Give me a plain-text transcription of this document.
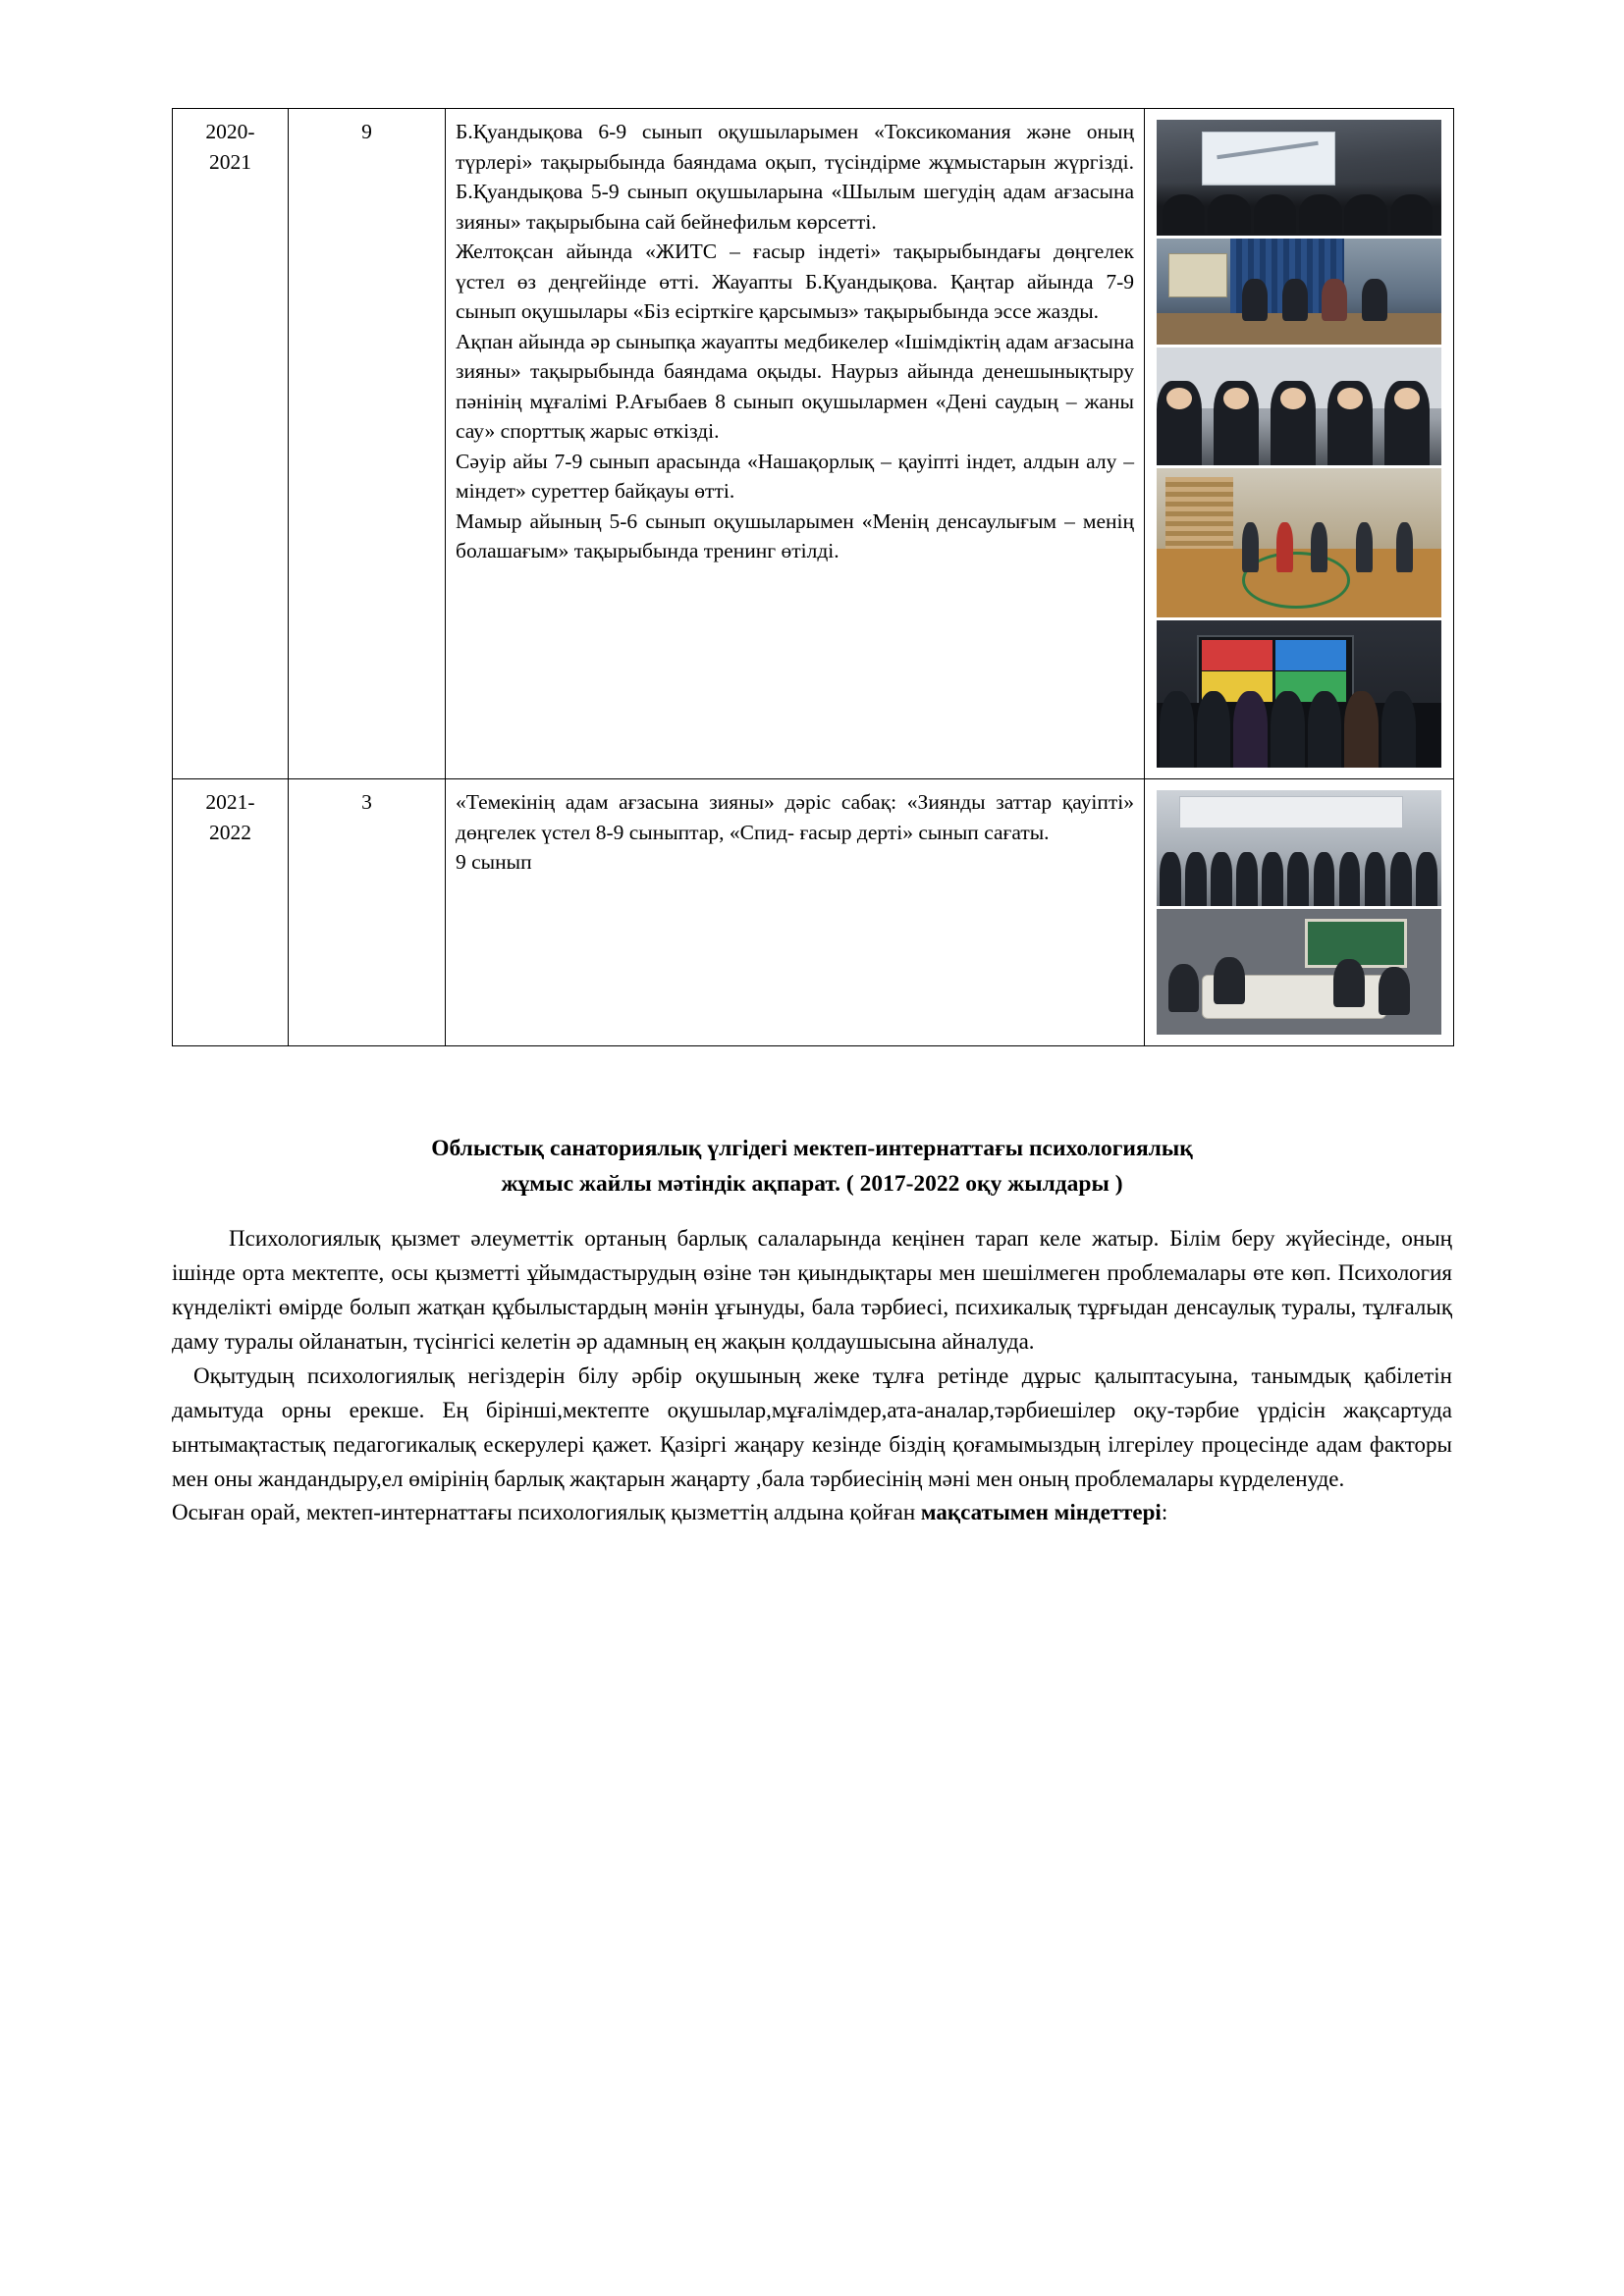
2020-
2021
	9	Б.Қуандықова 6-9 сынып оқушыларымен «Токсикомания және оның түрлері» тақырыбында баяндама оқып, түсіндірме жұмыстарын жүргізді. Б.Қуандықова 5-9 сынып оқушыларына «Шылым шегудің адам ағзасына зияны» тақырыбына сай бейнефильм көрсетті.

Желтоқсан айында «ЖИТС – ғасыр індеті» тақырыбындағы дөңгелек үстел өз деңгейінде өтті. Жауапты Б.Қуандықова. Қаңтар айында 7-9 сынып оқушылары «Біз есірткіге қарсымыз» тақырыбында эссе жазды.

Ақпан айында әр сыныпқа жауапты медбикелер «Ішімдіктің адам ағзасына зияны» тақырыбында баяндама оқыды. Наурыз айында денешынықтыру пәнінің мұғалімі Р.Ағыбаев 8 сынып оқушылармен «Дені саудың – жаны сау» спорттық жарыс өткізді.

Сәуір айы 7-9 сынып арасында «Нашақорлық – қауіпті індет, алдын алу – міндет» суреттер байқауы өтті.

Мамыр айының 5-6 сынып оқушыларымен «Менің денсаулығым – менің болашағым» тақырыбында тренинг өтілді.

2021-
2022
	3	«Темекінің адам ағзасына зияны» дәріс сабақ: «Зиянды заттар қауіпті» дөңгелек үстел 8-9 сыныптар, «Спид- ғасыр дерті» сынып сағаты.

9 сынып

Облыстық санаториялық үлгідегі мектеп-интернаттағы психологиялық
жұмыс жайлы мәтіндік ақпарат. ( 2017-2022 оқу жылдары )

Психологиялық қызмет әлеуметтік ортаның барлық салаларында кеңінен тарап келе жатыр. Білім беру жүйесінде, оның ішінде орта мектепте, осы қызметті ұйымдастырудың өзіне тән қиындықтары мен шешілмеген проблемалары өте көп. Психология күнделікті өмірде болып жатқан құбылыстардың мәнін ұғынуды, бала тәрбиесі, психикалық тұрғыдан денсаулық туралы, тұлғалық даму туралы ойланатын, түсінгісі келетін әр адамның ең жақын қолдаушысына айналуда.

Оқытудың психологиялық негіздерін білу әрбір оқушының жеке тұлға ретінде дұрыс қалыптасуына, танымдық қабілетін дамытуда орны ерекше. Ең бірінші,мектепте оқушылар,мұғалімдер,ата-аналар,тәрбиешілер оқу-тәрбие үрдісін жақсартуда ынтымақтастық педагогикалық ескерулері қажет. Қазіргі жаңару кезінде біздің қоғамымыздың ілгерілеу процесінде адам факторы мен оны жандандыру,ел өмірінің барлық жақтарын жаңарту ,бала тәрбиесінің мәні мен оның проблемалары күрделенуде.

Осыған орай, мектеп-интернаттағы психологиялық қызметтің алдына қойған мақсатымен міндеттері:
